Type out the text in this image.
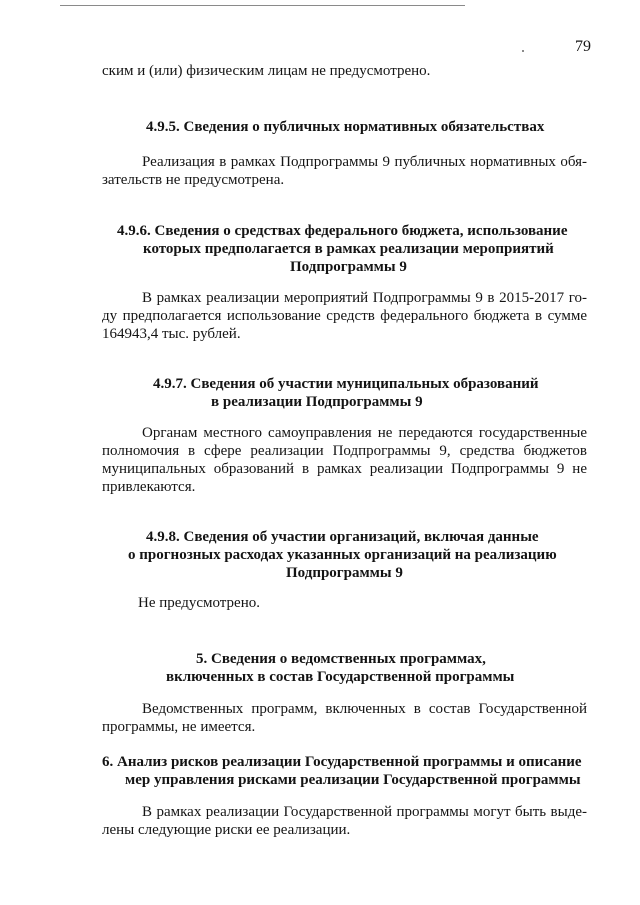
79
ским и (или) физическим лицам не предусмотрено.
4.9.5. Сведения о публичных нормативных обязательствах
Реализация в рамках Подпрограммы 9 публичных нормативных обя-
зательств не предусмотрена.
4.9.6. Сведения о средствах федерального бюджета, использование
которых предполагается в рамках реализации мероприятий
Подпрограммы 9
В рамках реализации мероприятий Подпрограммы 9 в 2015-2017 го-
ду предполагается использование средств федерального бюджета в сумме
164943,4 тыс. рублей.
4.9.7. Сведения об участии муниципальных образований
в реализации Подпрограммы 9
Органам местного самоуправления не передаются государственные
полномочия в сфере реализации Подпрограммы 9, средства бюджетов
муниципальных образований в рамках реализации Подпрограммы 9 не
привлекаются.
4.9.8. Сведения об участии организаций, включая данные
о прогнозных расходах указанных организаций на реализацию
Подпрограммы 9
Не предусмотрено.
5. Сведения о ведомственных программах,
включенных в состав Государственной программы
Ведомственных программ, включенных в состав Государственной
программы, не имеется.
6. Анализ рисков реализации Государственной программы и описание
мер управления рисками реализации Государственной программы
В рамках реализации Государственной программы могут быть выде-
лены следующие риски ее реализации.
